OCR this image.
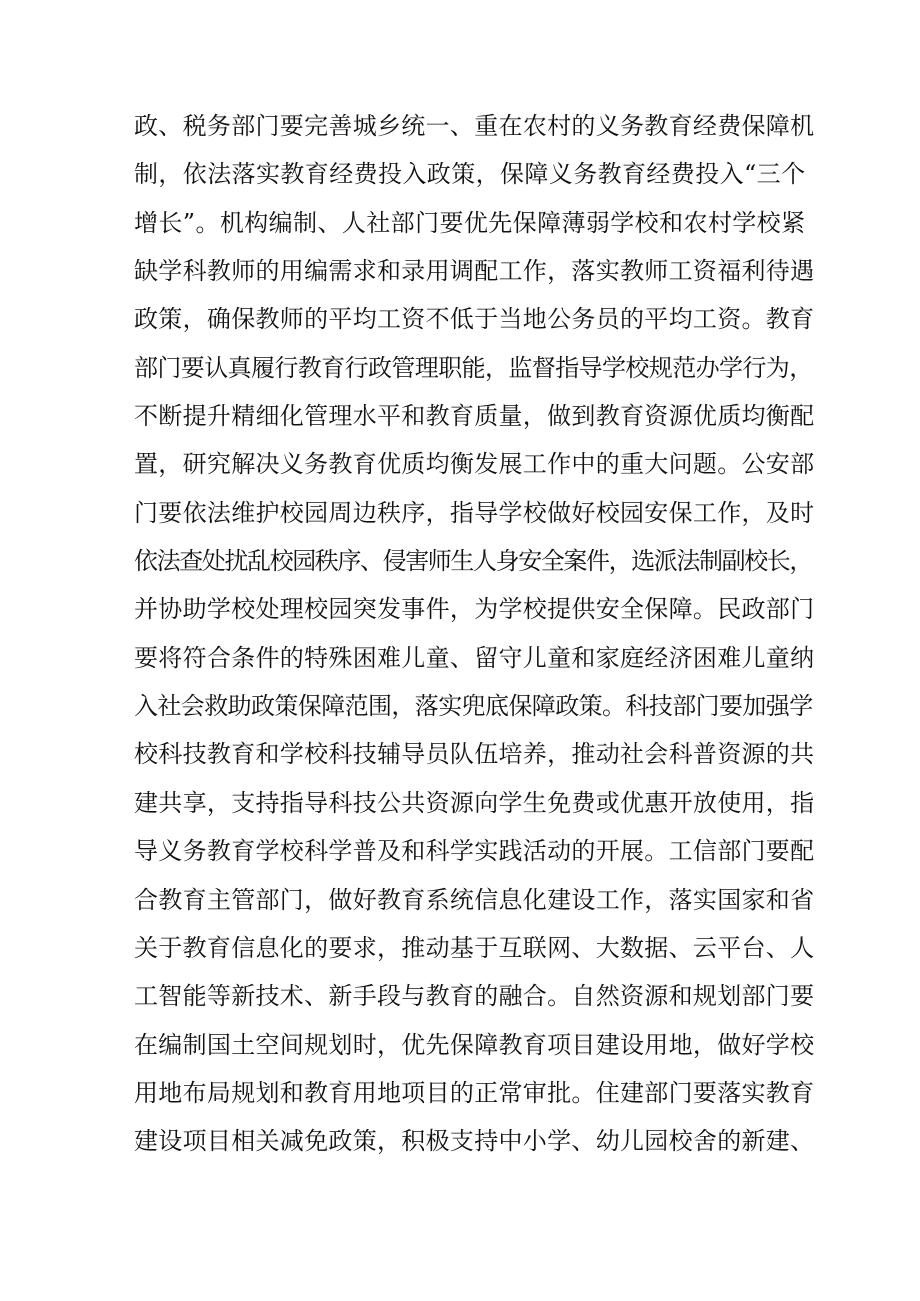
政、税务部门要完善城乡统一、重在农村的义务教育经费保障机
制，依法落实教育经费投入政策，保障义务教育经费投入“三个
增长”。机构编制、人社部门要优先保障薄弱学校和农村学校紧
缺学科教师的用编需求和录用调配工作，落实教师工资福利待遇
政策，确保教师的平均工资不低于当地公务员的平均工资。教育
部门要认真履行教育行政管理职能，监督指导学校规范办学行为，
不断提升精细化管理水平和教育质量，做到教育资源优质均衡配
置，研究解决义务教育优质均衡发展工作中的重大问题。公安部
门要依法维护校园周边秩序，指导学校做好校园安保工作，及时
依法查处扰乱校园秩序、侵害师生人身安全案件，选派法制副校长，
并协助学校处理校园突发事件，为学校提供安全保障。民政部门
要将符合条件的特殊困难儿童、留守儿童和家庭经济困难儿童纳
入社会救助政策保障范围，落实兜底保障政策。科技部门要加强学
校科技教育和学校科技辅导员队伍培养，推动社会科普资源的共
建共享，支持指导科技公共资源向学生免费或优惠开放使用，指
导义务教育学校科学普及和科学实践活动的开展。工信部门要配
合教育主管部门，做好教育系统信息化建设工作，落实国家和省
关于教育信息化的要求，推动基于互联网、大数据、云平台、人
工智能等新技术、新手段与教育的融合。自然资源和规划部门要
在编制国土空间规划时，优先保障教育项目建设用地，做好学校
用地布局规划和教育用地项目的正常审批。住建部门要落实教育
建设项目相关减免政策，积极支持中小学、幼儿园校舍的新建、
